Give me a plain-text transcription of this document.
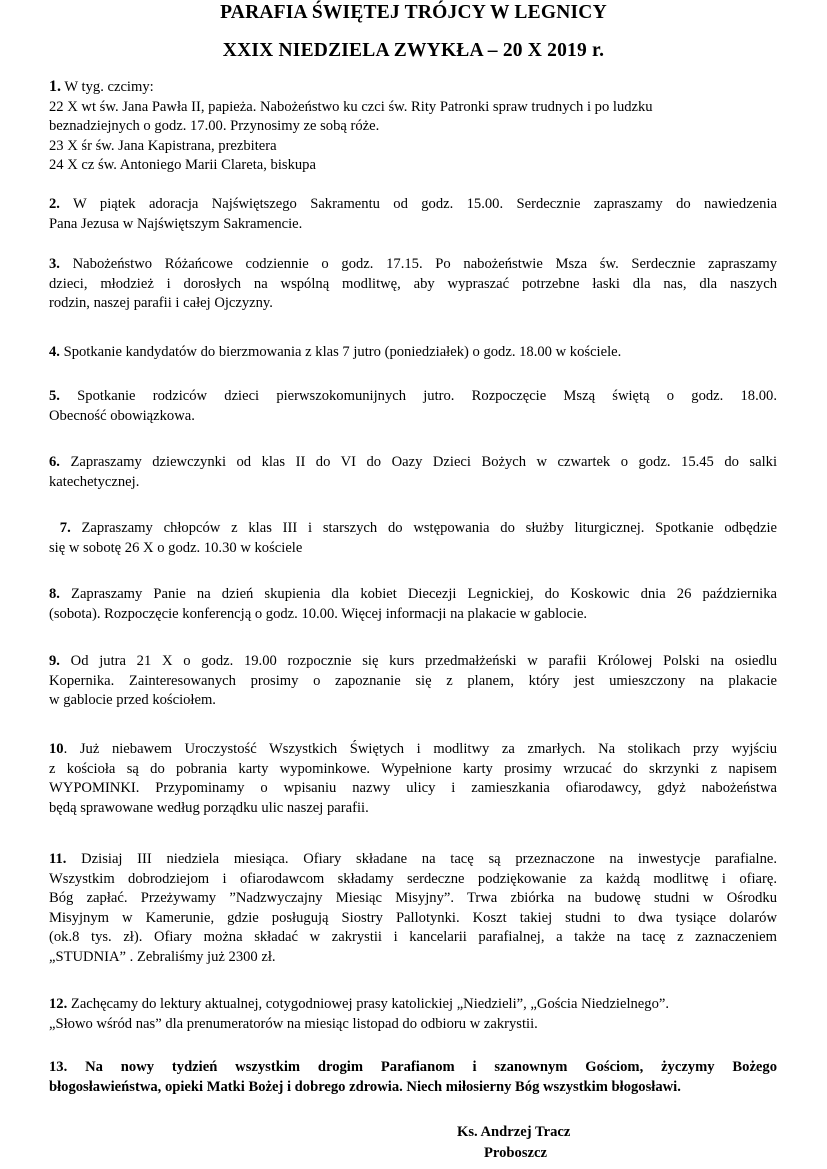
PARAFIA ŚWIĘTEJ TRÓJCY W LEGNICY
XXIX NIEDZIELA ZWYKŁA – 20 X 2019 r.
1. W tyg. czcimy:
22 X wt św. Jana Pawła II, papieża. Nabożeństwo ku czci św. Rity Patronki spraw trudnych i po ludzku
beznadziejnych o godz. 17.00. Przynosimy ze sobą róże.
23 X śr św. Jana Kapistrana, prezbitera
24 X cz św. Antoniego Marii Clareta, biskupa
2. W piątek adoracja Najświętszego Sakramentu od godz. 15.00. Serdecznie zapraszamy do nawiedzenia
Pana Jezusa w Najświętszym Sakramencie.
3. Nabożeństwo Różańcowe codziennie o godz. 17.15. Po nabożeństwie Msza św. Serdecznie zapraszamy
dzieci, młodzież i dorosłych na wspólną modlitwę, aby wypraszać potrzebne łaski dla nas, dla naszych
rodzin, naszej parafii i całej Ojczyzny.
4. Spotkanie kandydatów do bierzmowania z klas 7 jutro (poniedziałek) o godz. 18.00 w kościele.
5. Spotkanie rodziców dzieci pierwszokomunijnych jutro. Rozpoczęcie Mszą świętą o godz. 18.00.
Obecność obowiązkowa.
6. Zapraszamy dziewczynki od klas II do VI do Oazy Dzieci Bożych w czwartek o godz. 15.45 do salki
katechetycznej.
7. Zapraszamy chłopców z klas III i starszych do wstępowania do służby liturgicznej. Spotkanie odbędzie
się w sobotę 26 X o godz. 10.30 w kościele
8. Zapraszamy Panie na dzień skupienia dla kobiet Diecezji Legnickiej, do Koskowic dnia 26 października
(sobota). Rozpoczęcie konferencją o godz. 10.00. Więcej informacji na plakacie w gablocie.
9. Od jutra 21 X o godz. 19.00 rozpocznie się kurs przedmałżeński w parafii Królowej Polski na osiedlu
Kopernika. Zainteresowanych prosimy o zapoznanie się z planem, który jest umieszczony na plakacie
w gablocie przed kościołem.
10. Już niebawem Uroczystość Wszystkich Świętych i modlitwy za zmarłych. Na stolikach przy wyjściu
z kościoła są do pobrania karty wypominkowe. Wypełnione karty prosimy wrzucać do skrzynki z napisem
WYPOMINKI. Przypominamy o wpisaniu nazwy ulicy i zamieszkania ofiarodawcy, gdyż nabożeństwa
będą sprawowane według porządku ulic naszej parafii.
11. Dzisiaj III niedziela miesiąca. Ofiary składane na tacę są przeznaczone na inwestycje parafialne.
Wszystkim dobrodziejom i ofiarodawcom składamy serdeczne podziękowanie za każdą modlitwę i ofiarę.
Bóg zapłać. Przeżywamy ”Nadzwyczajny Miesiąc Misyjny”. Trwa zbiórka na budowę studni w Ośrodku
Misyjnym w Kamerunie, gdzie posługują Siostry Pallotynki. Koszt takiej studni to dwa tysiące dolarów
(ok.8 tys. zł). Ofiary można składać w zakrystii i kancelarii parafialnej, a także na tacę z zaznaczeniem
„STUDNIA” . Zebraliśmy już 2300 zł.
12. Zachęcamy do lektury aktualnej, cotygodniowej prasy katolickiej „Niedzieli”, „Gościa Niedzielnego”.
„Słowo wśród nas” dla prenumeratorów na miesiąc listopad do odbioru w zakrystii.
13. Na nowy tydzień wszystkim drogim Parafianom i szanownym Gościom, życzymy Bożego
błogosławieństwa, opieki Matki Bożej i dobrego zdrowia. Niech miłosierny Bóg wszystkim błogosławi.
Ks. Andrzej Tracz
Proboszcz
